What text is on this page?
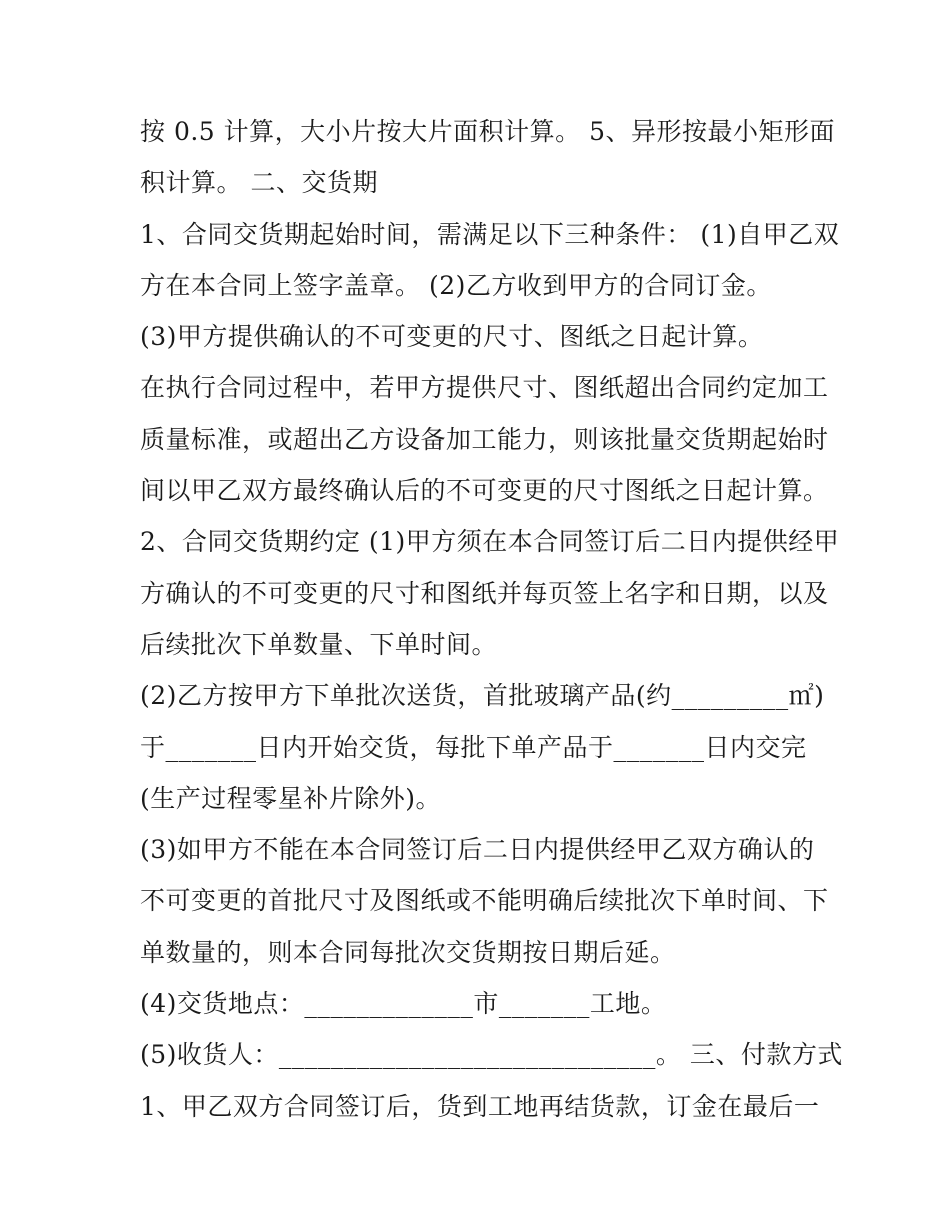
按 0.5 计算，大小片按大片面积计算。 5、异形按最小矩形面
积计算。 二、交货期
1、合同交货期起始时间，需满足以下三种条件： (1)自甲乙双
方在本合同上签字盖章。 (2)乙方收到甲方的合同订金。
(3)甲方提供确认的不可变更的尺寸、图纸之日起计算。
在执行合同过程中，若甲方提供尺寸、图纸超出合同约定加工
质量标准，或超出乙方设备加工能力，则该批量交货期起始时
间以甲乙双方最终确认后的不可变更的尺寸图纸之日起计算。
2、合同交货期约定 (1)甲方须在本合同签订后二日内提供经甲
方确认的不可变更的尺寸和图纸并每页签上名字和日期，以及
后续批次下单数量、下单时间。
(2)乙方按甲方下单批次送货，首批玻璃产品(约_________㎡)
于_______日内开始交货，每批下单产品于_______日内交完
(生产过程零星补片除外)。
(3)如甲方不能在本合同签订后二日内提供经甲乙双方确认的
不可变更的首批尺寸及图纸或不能明确后续批次下单时间、下
单数量的，则本合同每批次交货期按日期后延。
(4)交货地点：_____________市_______工地。
(5)收货人：_____________________________。 三、付款方式
1、甲乙双方合同签订后，货到工地再结货款，订金在最后一
